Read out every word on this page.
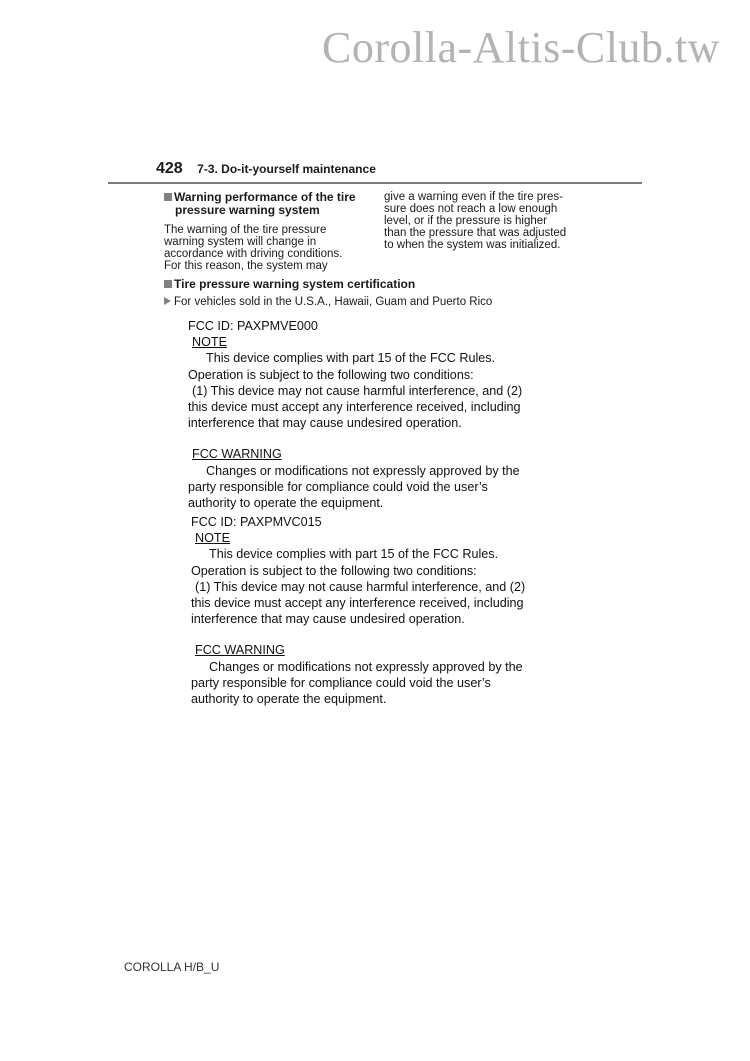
Corolla-Altis-Club.tw
428 7-3. Do-it-yourself maintenance
Warning performance of the tire
pressure warning system
The warning of the tire pressure
warning system will change in
accordance with driving conditions.
For this reason, the system may
give a warning even if the tire pres-
sure does not reach a low enough
level, or if the pressure is higher
than the pressure that was adjusted
to when the system was initialized.
Tire pressure warning system certification
For vehicles sold in the U.S.A., Hawaii, Guam and Puerto Rico
FCC ID: PAXPMVE000
NOTE
This device complies with part 15 of the FCC Rules.
Operation is subject to the following two conditions:
(1) This device may not cause harmful interference, and (2)
this device must accept any interference received, including
interference that may cause undesired operation.
FCC WARNING
Changes or modifications not expressly approved by the
party responsible for compliance could void the user’s
authority to operate the equipment.
FCC ID: PAXPMVC015
NOTE
This device complies with part 15 of the FCC Rules.
Operation is subject to the following two conditions:
(1) This device may not cause harmful interference, and (2)
this device must accept any interference received, including
interference that may cause undesired operation.
FCC WARNING
Changes or modifications not expressly approved by the
party responsible for compliance could void the user’s
authority to operate the equipment.
COROLLA H/B_U
